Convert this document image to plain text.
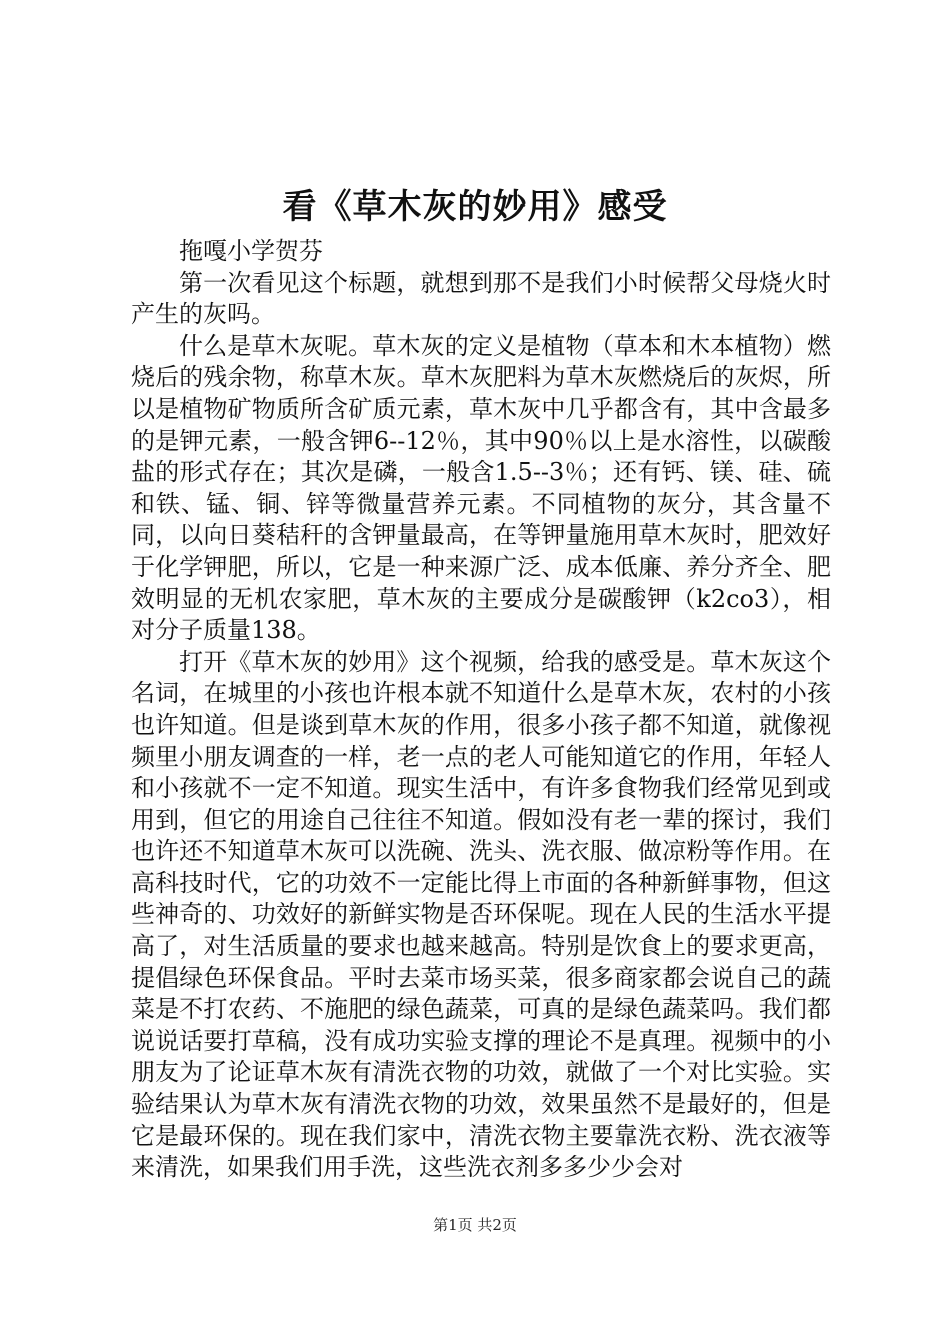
看《草木灰的妙用》感受

拖嘎小学贺芬

第一次看见这个标题，就想到那不是我们小时候帮父母烧火时产生的灰吗。

什么是草木灰呢。草木灰的定义是植物（草本和木本植物）燃烧后的残余物，称草木灰。草木灰肥料为草木灰燃烧后的灰烬，所以是植物矿物质所含矿质元素，草木灰中几乎都含有，其中含最多的是钾元素，一般含钾6--12％，其中90％以上是水溶性，以碳酸盐的形式存在；其次是磷，一般含1.5--3％；还有钙、镁、硅、硫和铁、锰、铜、锌等微量营养元素。不同植物的灰分，其含量不同，以向日葵秸秆的含钾量最高，在等钾量施用草木灰时，肥效好于化学钾肥，所以，它是一种来源广泛、成本低廉、养分齐全、肥效明显的无机农家肥，草木灰的主要成分是碳酸钾（k2co3），相对分子质量138。

打开《草木灰的妙用》这个视频，给我的感受是。草木灰这个名词，在城里的小孩也许根本就不知道什么是草木灰，农村的小孩也许知道。但是谈到草木灰的作用，很多小孩子都不知道，就像视频里小朋友调查的一样，老一点的老人可能知道它的作用，年轻人和小孩就不一定不知道。现实生活中，有许多食物我们经常见到或用到，但它的用途自己往往不知道。假如没有老一辈的探讨，我们也许还不知道草木灰可以洗碗、洗头、洗衣服、做凉粉等作用。在高科技时代，它的功效不一定能比得上市面的各种新鲜事物，但这些神奇的、功效好的新鲜实物是否环保呢。现在人民的生活水平提高了，对生活质量的要求也越来越高。特别是饮食上的要求更高，提倡绿色环保食品。平时去菜市场买菜，很多商家都会说自己的蔬菜是不打农药、不施肥的绿色蔬菜，可真的是绿色蔬菜吗。我们都说说话要打草稿，没有成功实验支撑的理论不是真理。视频中的小朋友为了论证草木灰有清洗衣物的功效，就做了一个对比实验。实验结果认为草木灰有清洗衣物的功效，效果虽然不是最好的，但是它是最环保的。现在我们家中，清洗衣物主要靠洗衣粉、洗衣液等来清洗，如果我们用手洗，这些洗衣剂多多少少会对

第1页 共2页
